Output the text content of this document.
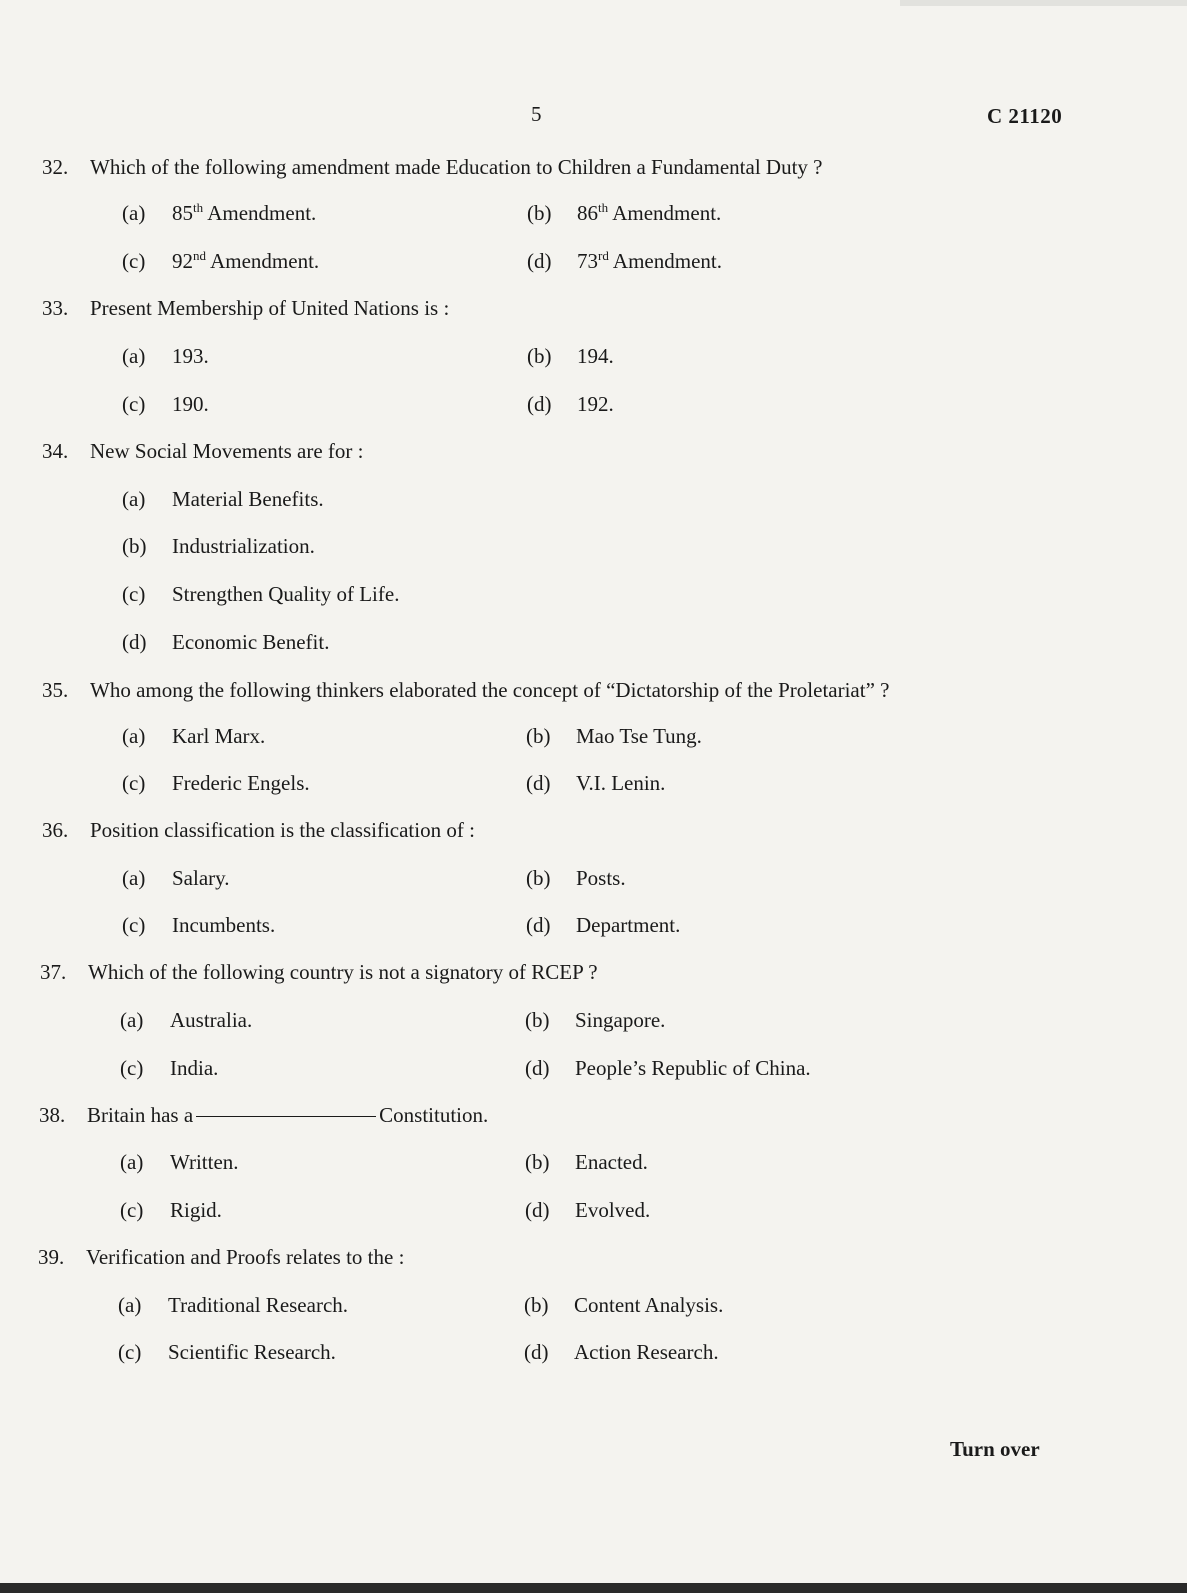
5	C 21120
32. Which of the following amendment made Education to Children a Fundamental Duty ?
(a) 85th Amendment.	(b) 86th Amendment.
(c) 92nd Amendment.	(d) 73rd Amendment.
33. Present Membership of United Nations is :
(a) 193.	(b) 194.
(c) 190.	(d) 192.
34. New Social Movements are for :
(a) Material Benefits.
(b) Industrialization.
(c) Strengthen Quality of Life.
(d) Economic Benefit.
35. Who among the following thinkers elaborated the concept of “Dictatorship of the Proletariat” ?
(a) Karl Marx.	(b) Mao Tse Tung.
(c) Frederic Engels.	(d) V.I. Lenin.
36. Position classification is the classification of :
(a) Salary.	(b) Posts.
(c) Incumbents.	(d) Department.
37. Which of the following country is not a signatory of RCEP ?
(a) Australia.	(b) Singapore.
(c) India.	(d) People’s Republic of China.
38. Britain has a	Constitution.
(a) Written.	(b) Enacted.
(c) Rigid.	(d) Evolved.
39. Verification and Proofs relates to the :
(a) Traditional Research.	(b) Content Analysis.
(c) Scientific Research.	(d) Action Research.
Turn over
